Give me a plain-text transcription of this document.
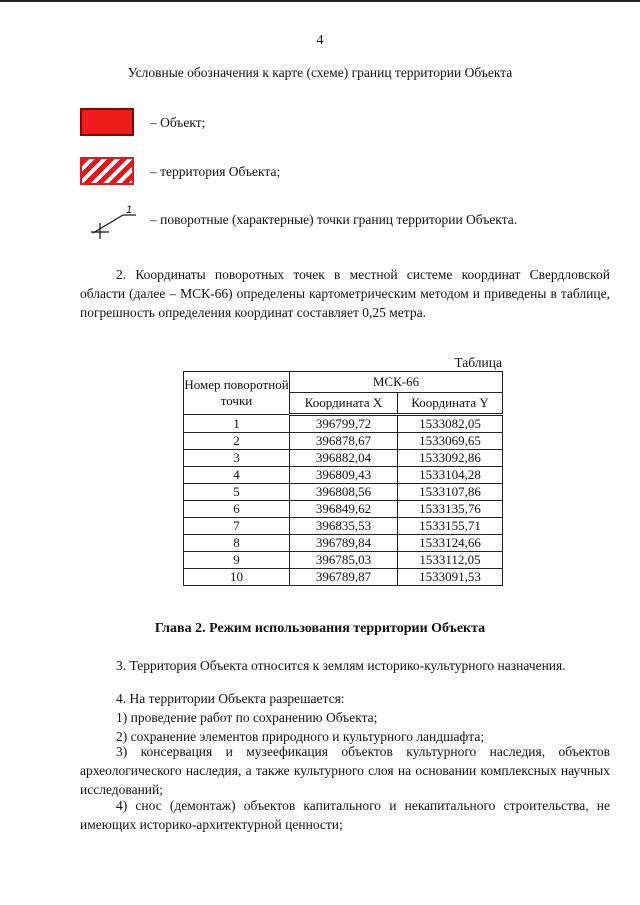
4
Условные обозначения к карте (схеме) границ территории Объекта
– Объект;
– территория Объекта;
1
– поворотные (характерные) точки границ территории Объекта.
2. Координаты поворотных точек в местной системе координат Свердловской области (далее – МСК-66) определены картометрическим методом и приведены в таблице, погрешность определения координат составляет 0,25 метра.
Таблица
Номер поворотной точки	МСК-66	
	Координата X	Координата Y
1	396799,72	1533082,05
2	396878,67	1533069,65
3	396882,04	1533092,86
4	396809,43	1533104,28
5	396808,56	1533107,86
6	396849,62	1533135,76
7	396835,53	1533155,71
8	396789,84	1533124,66
9	396785,03	1533112,05
10	396789,87	1533091,53
Глава 2. Режим использования территории Объекта
3. Территория Объекта относится к землям историко-культурного назначения.
4. На территории Объекта разрешается:
1) проведение работ по сохранению Объекта;
2) сохранение элементов природного и культурного ландшафта;
3) консервация и музеефикация объектов культурного наследия, объектов археологического наследия, а также культурного слоя на основании комплексных научных исследований;
4) снос (демонтаж) объектов капитального и некапитального строительства, не имеющих историко-архитектурной ценности;
